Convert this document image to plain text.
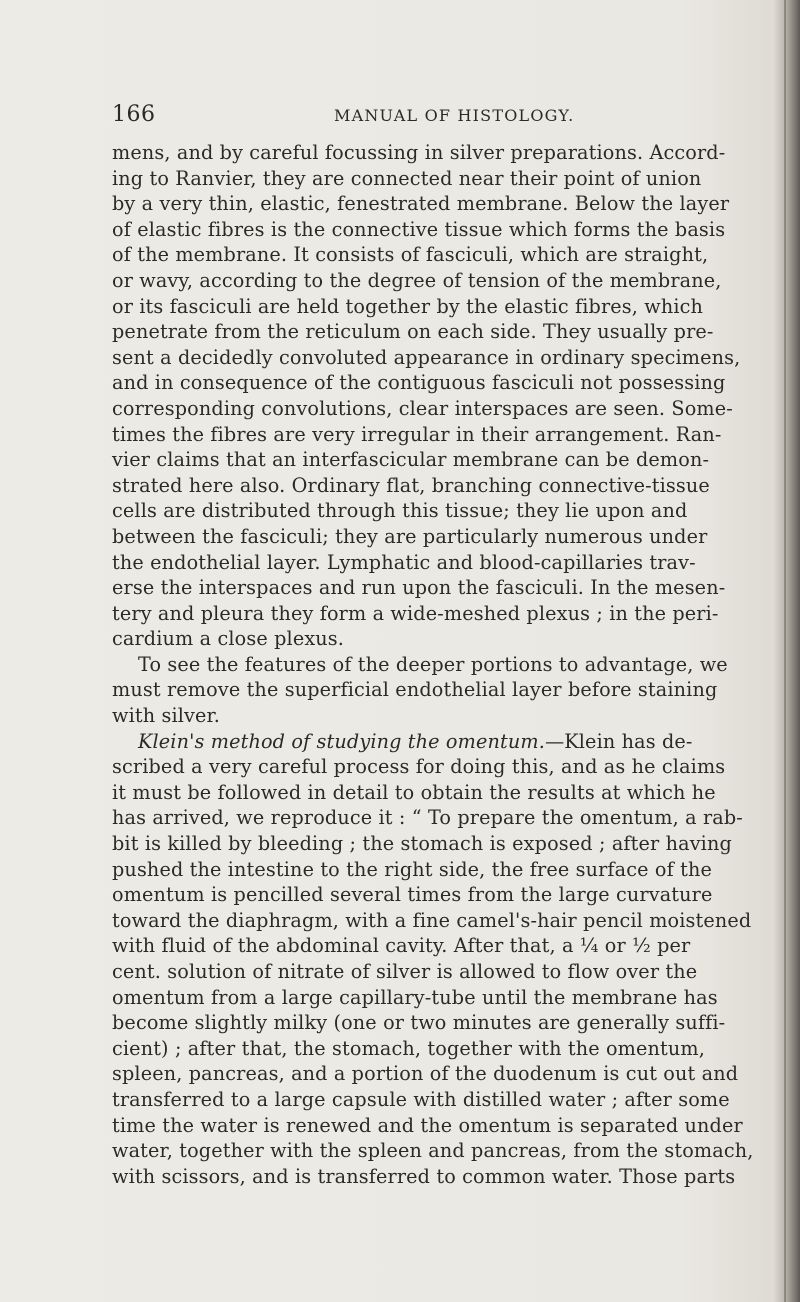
166	MANUAL OF HISTOLOGY.
mens, and by careful focussing in silver preparations. Accord-
ing to Ranvier, they are connected near their point of union
by a very thin, elastic, fenestrated membrane. Below the layer
of elastic fibres is the connective tissue which forms the basis
of the membrane. It consists of fasciculi, which are straight,
or wavy, according to the degree of tension of the membrane,
or its fasciculi are held together by the elastic fibres, which
penetrate from the reticulum on each side. They usually pre-
sent a decidedly convoluted appearance in ordinary specimens,
and in consequence of the contiguous fasciculi not possessing
corresponding convolutions, clear interspaces are seen. Some-
times the fibres are very irregular in their arrangement. Ran-
vier claims that an interfascicular membrane can be demon-
strated here also. Ordinary flat, branching connective-tissue
cells are distributed through this tissue; they lie upon and
between the fasciculi; they are particularly numerous under
the endothelial layer. Lymphatic and blood-capillaries trav-
erse the interspaces and run upon the fasciculi. In the mesen-
tery and pleura they form a wide-meshed plexus ; in the peri-
cardium a close plexus.
To see the features of the deeper portions to advantage, we
must remove the superficial endothelial layer before staining
with silver.
Klein's method of studying the omentum.—Klein has de-
scribed a very careful process for doing this, and as he claims
it must be followed in detail to obtain the results at which he
has arrived, we reproduce it : “ To prepare the omentum, a rab-
bit is killed by bleeding ; the stomach is exposed ; after having
pushed the intestine to the right side, the free surface of the
omentum is pencilled several times from the large curvature
toward the diaphragm, with a fine camel's-hair pencil moistened
with fluid of the abdominal cavity. After that, a ¼ or ½ per
cent. solution of nitrate of silver is allowed to flow over the
omentum from a large capillary-tube until the membrane has
become slightly milky (one or two minutes are generally suffi-
cient) ; after that, the stomach, together with the omentum,
spleen, pancreas, and a portion of the duodenum is cut out and
transferred to a large capsule with distilled water ; after some
time the water is renewed and the omentum is separated under
water, together with the spleen and pancreas, from the stomach,
with scissors, and is transferred to common water. Those parts
